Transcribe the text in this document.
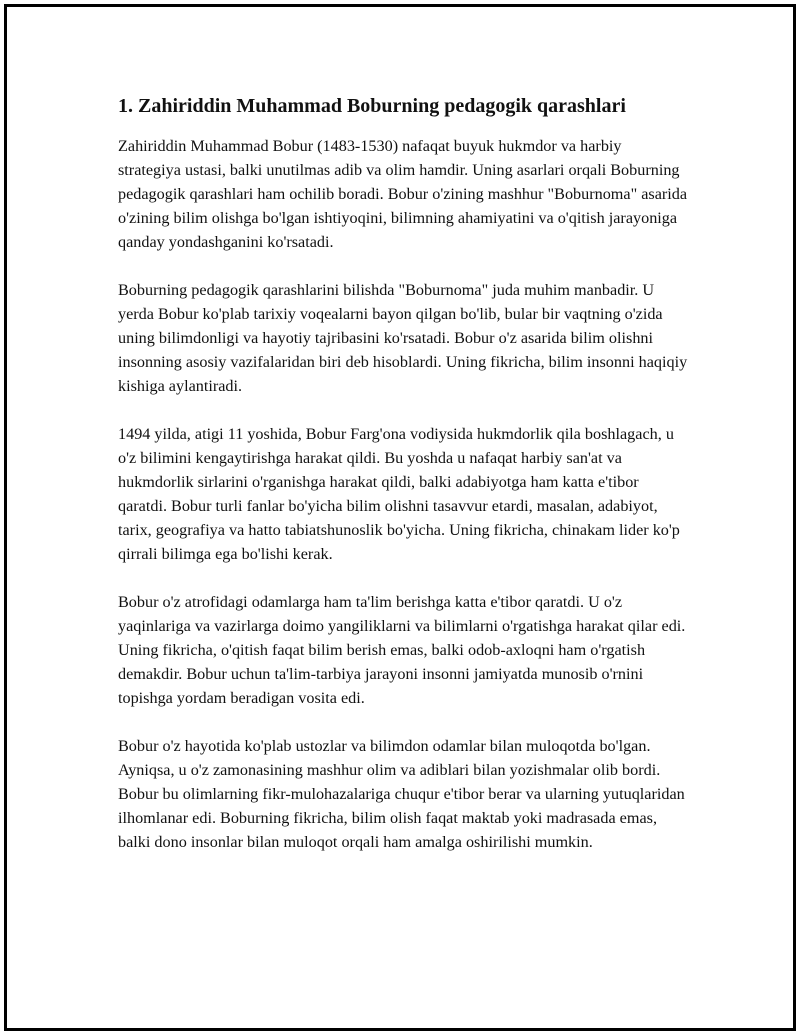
1. Zahiriddin Muhammad Boburning pedagogik qarashlari

Zahiriddin Muhammad Bobur (1483-1530) nafaqat buyuk hukmdor va harbiy strategiya ustasi, balki unutilmas adib va olim hamdir. Uning asarlari orqali Boburning pedagogik qarashlari ham ochilib boradi. Bobur o'zining mashhur "Boburnoma" asarida o'zining bilim olishga bo'lgan ishtiyoqini, bilimning ahamiyatini va o'qitish jarayoniga qanday yondashganini ko'rsatadi.

Boburning pedagogik qarashlarini bilishda "Boburnoma" juda muhim manbadir. U yerda Bobur ko'plab tarixiy voqealarni bayon qilgan bo'lib, bular bir vaqtning o'zida uning bilimdonligi va hayotiy tajribasini ko'rsatadi. Bobur o'z asarida bilim olishni insonning asosiy vazifalaridan biri deb hisoblardi. Uning fikricha, bilim insonni haqiqiy kishiga aylantiradi.

1494 yilda, atigi 11 yoshida, Bobur Farg'ona vodiysida hukmdorlik qila boshlagach, u o'z bilimini kengaytirishga harakat qildi. Bu yoshda u nafaqat harbiy san'at va hukmdorlik sirlarini o'rganishga harakat qildi, balki adabiyotga ham katta e'tibor qaratdi. Bobur turli fanlar bo'yicha bilim olishni tasavvur etardi, masalan, adabiyot, tarix, geografiya va hatto tabiatshunoslik bo'yicha. Uning fikricha, chinakam lider ko'p qirrali bilimga ega bo'lishi kerak.

Bobur o'z atrofidagi odamlarga ham ta'lim berishga katta e'tibor qaratdi. U o'z yaqinlariga va vazirlarga doimo yangiliklarni va bilimlarni o'rgatishga harakat qilar edi. Uning fikricha, o'qitish faqat bilim berish emas, balki odob-axloqni ham o'rgatish demakdir. Bobur uchun ta'lim-tarbiya jarayoni insonni jamiyatda munosib o'rnini topishga yordam beradigan vosita edi.

Bobur o'z hayotida ko'plab ustozlar va bilimdon odamlar bilan muloqotda bo'lgan. Ayniqsa, u o'z zamonasining mashhur olim va adiblari bilan yozishmalar olib bordi. Bobur bu olimlarning fikr-mulohazalariga chuqur e'tibor berar va ularning yutuqlaridan ilhomlanar edi. Boburning fikricha, bilim olish faqat maktab yoki madrasada emas, balki dono insonlar bilan muloqot orqali ham amalga oshirilishi mumkin.
